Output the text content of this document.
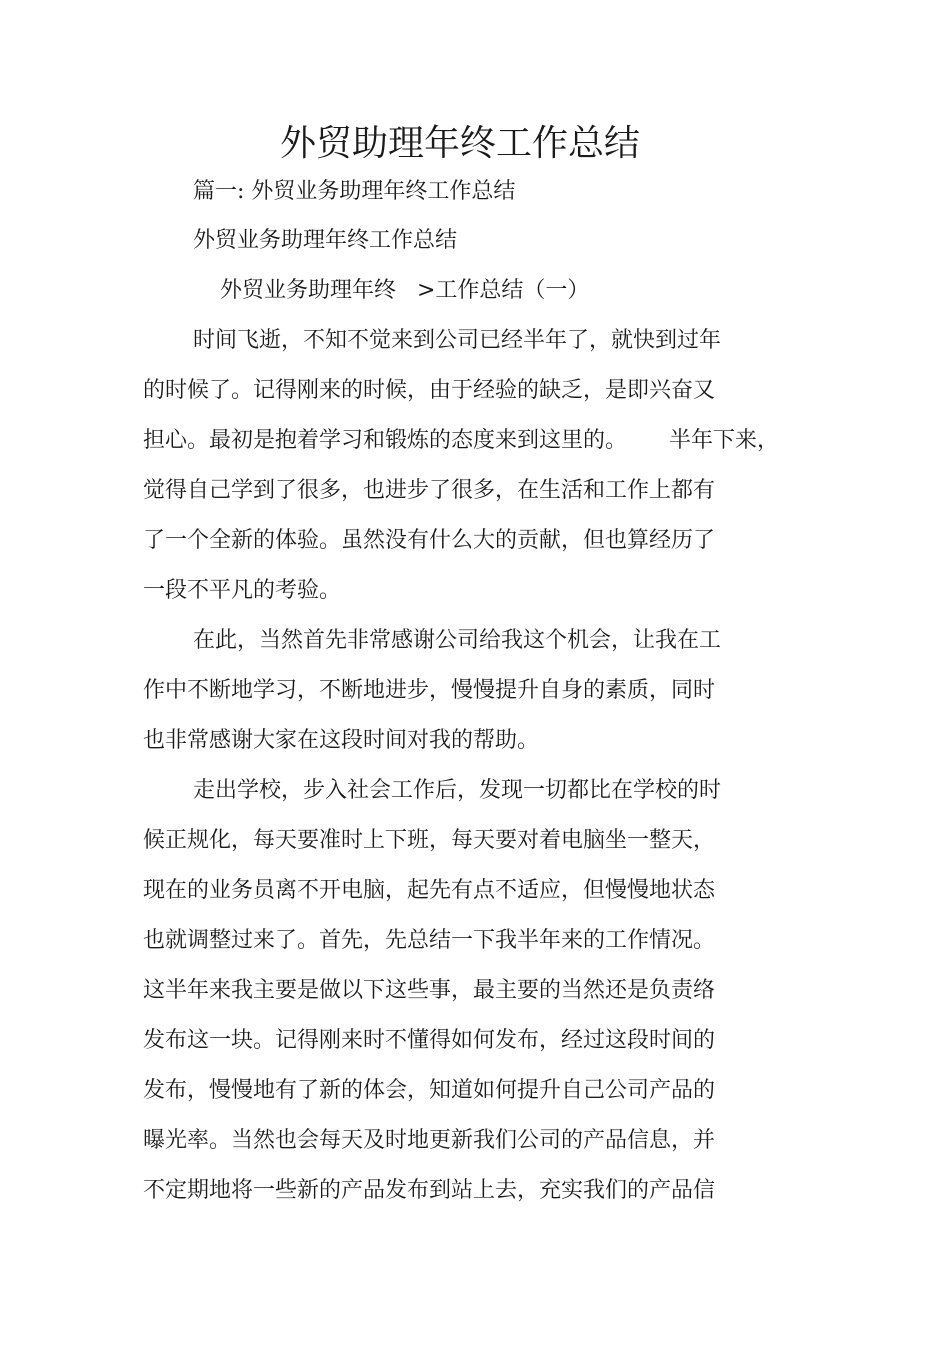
外贸助理年终工作总结
篇一: 外贸业务助理年终工作总结
外贸业务助理年终工作总结
外贸业务助理年终   >工作总结（一）
时间飞逝，不知不觉来到公司已经半年了，就快到过年
的时候了。记得刚来的时候，由于经验的缺乏，是即兴奋又
担心。最初是抱着学习和锻炼的态度来到这里的。      半年下来，
觉得自己学到了很多，也进步了很多，在生活和工作上都有
了一个全新的体验。虽然没有什么大的贡献，但也算经历了
一段不平凡的考验。
在此，当然首先非常感谢公司给我这个机会，让我在工
作中不断地学习，不断地进步，慢慢提升自身的素质，同时
也非常感谢大家在这段时间对我的帮助。
走出学校，步入社会工作后，发现一切都比在学校的时
候正规化，每天要准时上下班，每天要对着电脑坐一整天，
现在的业务员离不开电脑，起先有点不适应，但慢慢地状态
也就调整过来了。首先，先总结一下我半年来的工作情况。
这半年来我主要是做以下这些事，最主要的当然还是负责络
发布这一块。记得刚来时不懂得如何发布，经过这段时间的
发布，慢慢地有了新的体会，知道如何提升自己公司产品的
曝光率。当然也会每天及时地更新我们公司的产品信息，并
不定期地将一些新的产品发布到站上去，充实我们的产品信
